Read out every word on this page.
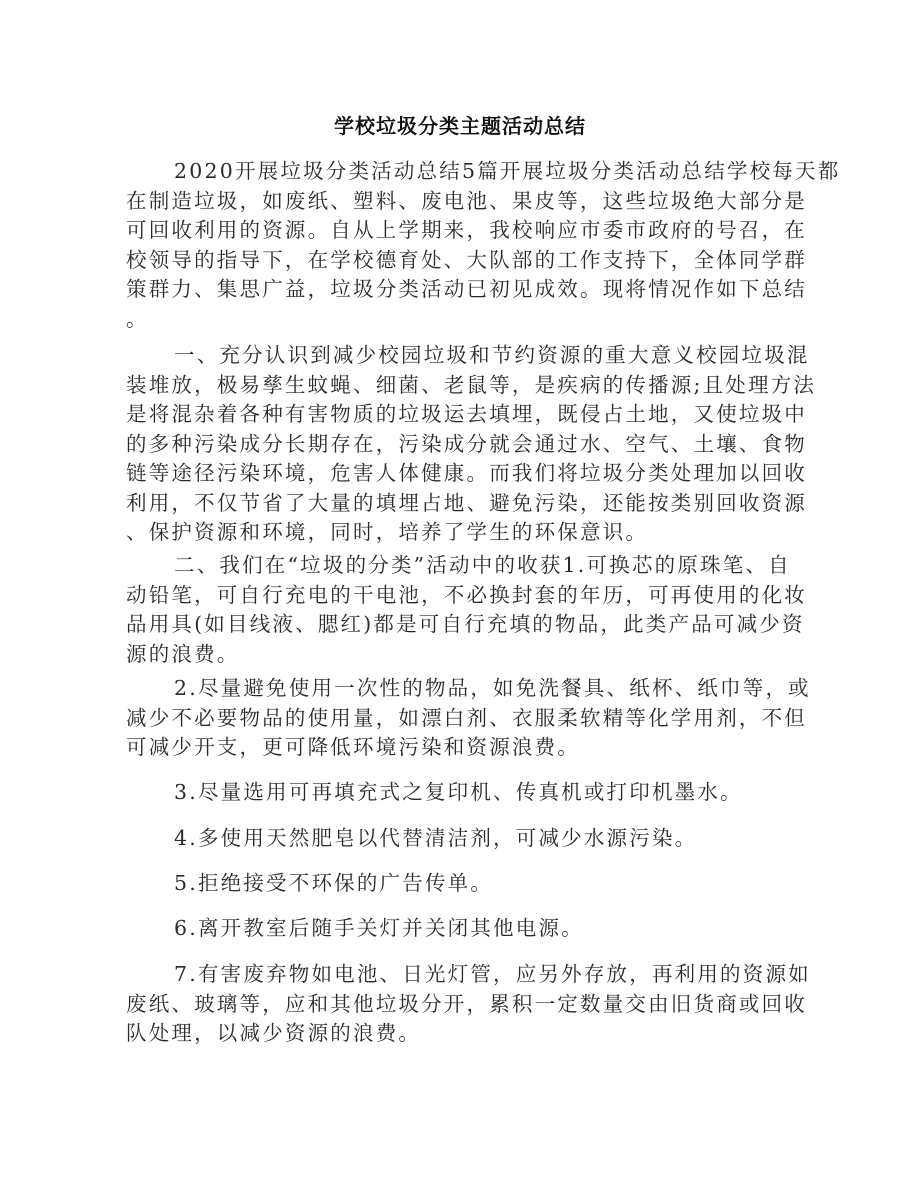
学校垃圾分类主题活动总结
2020开展垃圾分类活动总结5篇开展垃圾分类活动总结学校每天都
在制造垃圾，如废纸、塑料、废电池、果皮等，这些垃圾绝大部分是
可回收利用的资源。自从上学期来，我校响应市委市政府的号召，在
校领导的指导下，在学校德育处、大队部的工作支持下，全体同学群
策群力、集思广益，垃圾分类活动已初见成效。现将情况作如下总结
。
一、充分认识到减少校园垃圾和节约资源的重大意义校园垃圾混
装堆放，极易孳生蚊蝇、细菌、老鼠等，是疾病的传播源;且处理方法
是将混杂着各种有害物质的垃圾运去填埋，既侵占土地，又使垃圾中
的多种污染成分长期存在，污染成分就会通过水、空气、土壤、食物
链等途径污染环境，危害人体健康。而我们将垃圾分类处理加以回收
利用，不仅节省了大量的填埋占地、避免污染，还能按类别回收资源
、保护资源和环境，同时，培养了学生的环保意识。
二、我们在“垃圾的分类”活动中的收获1.可换芯的原珠笔、自
动铅笔，可自行充电的干电池，不必换封套的年历，可再使用的化妆
品用具(如目线液、腮红)都是可自行充填的物品，此类产品可减少资
源的浪费。
2.尽量避免使用一次性的物品，如免洗餐具、纸杯、纸巾等，或
减少不必要物品的使用量，如漂白剂、衣服柔软精等化学用剂，不但
可减少开支，更可降低环境污染和资源浪费。
3.尽量选用可再填充式之复印机、传真机或打印机墨水。
4.多使用天然肥皂以代替清洁剂，可减少水源污染。
5.拒绝接受不环保的广告传单。
6.离开教室后随手关灯并关闭其他电源。
7.有害废弃物如电池、日光灯管，应另外存放，再利用的资源如
废纸、玻璃等，应和其他垃圾分开，累积一定数量交由旧货商或回收
队处理，以减少资源的浪费。
